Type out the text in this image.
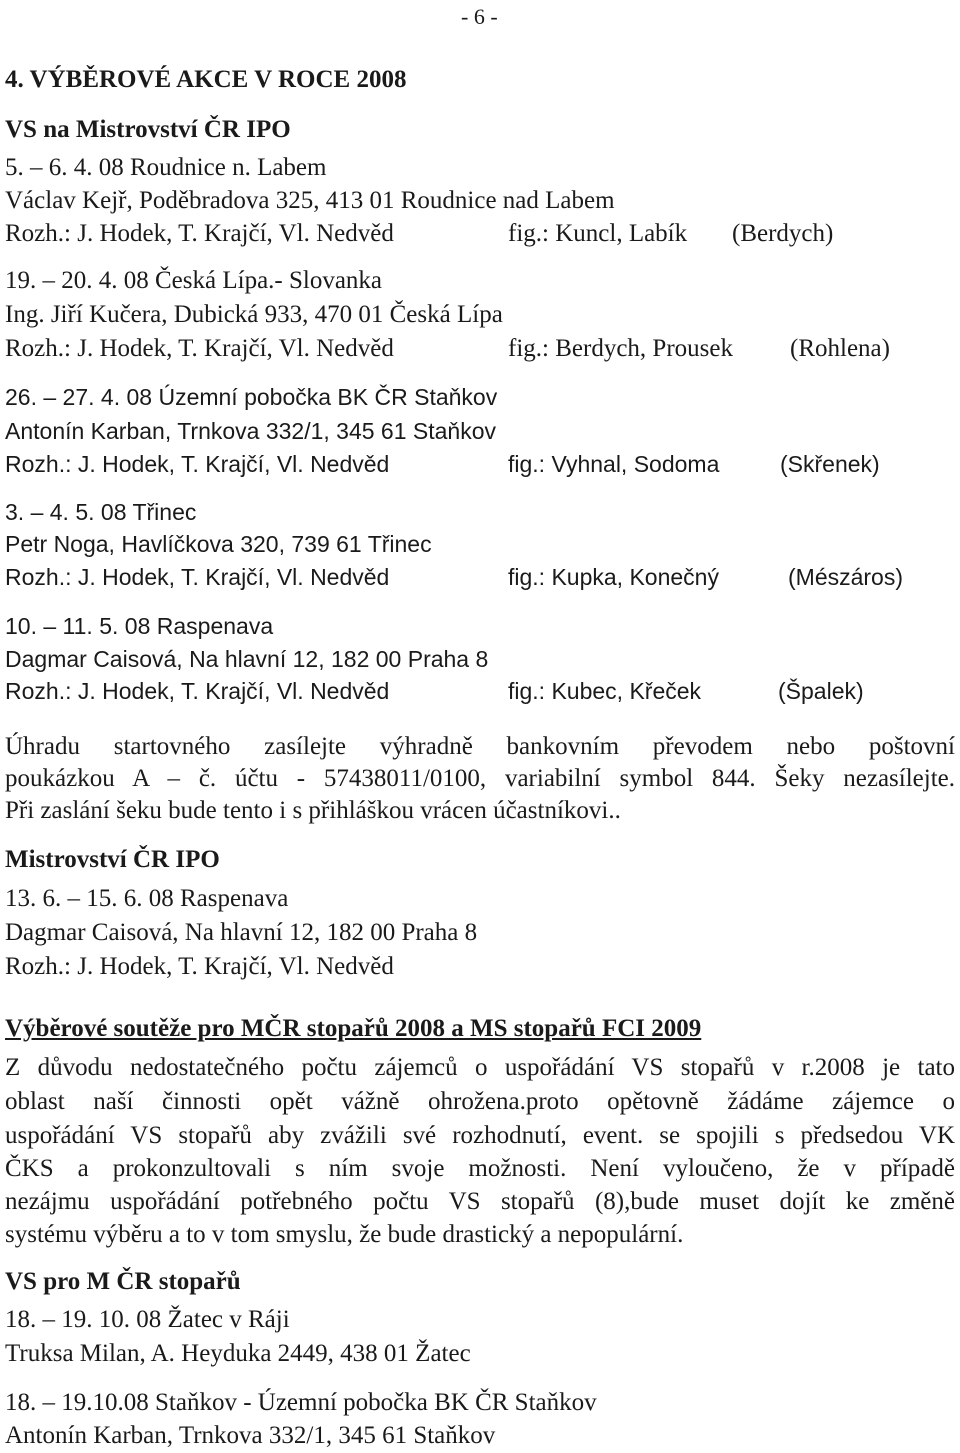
- 6 -
4. VÝBĚROVÉ AKCE V ROCE 2008
VS na Mistrovství ČR IPO
5. – 6. 4. 08 Roudnice n. Labem
Václav Kejř, Poděbradova 325, 413 01 Roudnice nad Labem
Rozh.: J. Hodek, T. Krajčí, Vl. Nedvěd	fig.: Kuncl, Labík (Berdych)
19. – 20. 4. 08 Česká Lípa.- Slovanka
Ing. Jiří Kučera, Dubická 933, 470 01 Česká Lípa
Rozh.: J. Hodek, T. Krajčí, Vl. Nedvěd	fig.: Berdych, Prousek (Rohlena)
26. – 27. 4. 08 Územní pobočka BK ČR Staňkov
Antonín Karban, Trnkova 332/1, 345 61 Staňkov
Rozh.: J. Hodek, T. Krajčí, Vl. Nedvěd	fig.: Vyhnal, Sodoma	(Skřenek)
3. – 4. 5. 08 Třinec
Petr Noga, Havlíčkova 320, 739 61 Třinec
Rozh.: J. Hodek, T. Krajčí, Vl. Nedvěd	fig.: Kupka, Konečný	(Mészáros)
10. – 11. 5. 08 Raspenava
Dagmar Caisová, Na hlavní 12, 182 00 Praha 8
Rozh.: J. Hodek, T. Krajčí, Vl. Nedvěd	fig.: Kubec, Křeček	(Špalek)
Úhradu startovného zasílejte výhradně bankovním převodem nebo poštovní
poukázkou A – č. účtu - 57438011/0100, variabilní symbol 844. Šeky nezasílejte.
Při zaslání šeku bude tento i s přihláškou vrácen účastníkovi..
Mistrovství ČR IPO
13. 6. – 15. 6. 08 Raspenava
Dagmar Caisová, Na hlavní 12, 182 00 Praha 8
Rozh.: J. Hodek, T. Krajčí, Vl. Nedvěd
Výběrové soutěže pro MČR stopařů 2008 a MS stopařů FCI 2009
Z důvodu nedostatečného počtu zájemců o uspořádání VS stopařů v r.2008 je tato
oblast naší činnosti opět vážně ohrožena.proto opětovně žádáme zájemce o
uspořádání VS stopařů aby zvážili své rozhodnutí, event. se spojili s předsedou VK
ČKS a prokonzultovali s ním svoje možnosti. Není vyloučeno, že v případě
nezájmu uspořádání potřebného počtu VS stopařů (8),bude muset dojít ke změně
systému výběru a to v tom smyslu, že bude drastický a nepopulární.
VS pro M ČR stopařů
18. – 19. 10. 08 Žatec v Ráji
Truksa Milan, A. Heyduka 2449, 438 01 Žatec
18. – 19.10.08 Staňkov - Územní pobočka BK ČR Staňkov
Antonín Karban, Trnkova 332/1, 345 61 Staňkov
